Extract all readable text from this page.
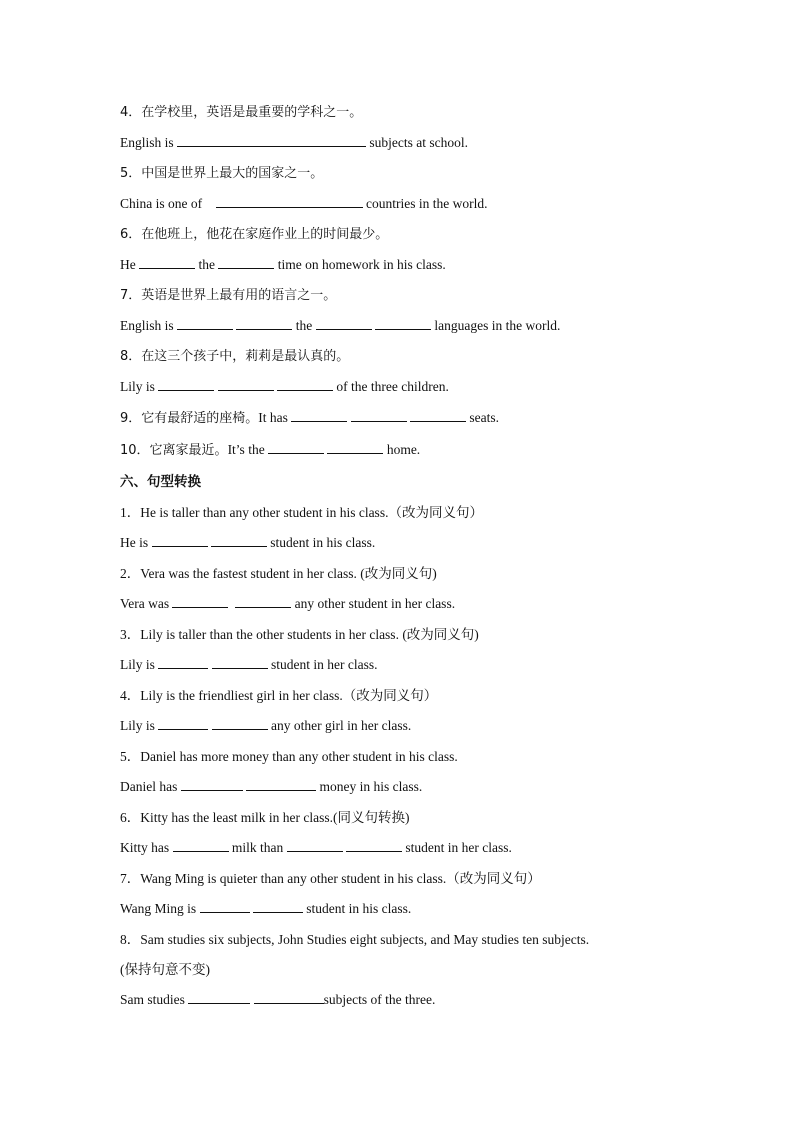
4．在学校里，英语是最重要的学科之一。
English is	subjects at school.
5．中国是世界上最大的国家之一。
China is one of	countries in the world.
6．在他班上，他花在家庭作业上的时间最少。
He	the	time on homework in his class.
7．英语是世界上最有用的语言之一。
English is	the	languages in the world.
8．在这三个孩子中，莉莉是最认真的。
Lily is	of the three children.
9．它有最舒适的座椅。It has	seats.
10．它离家最近。It’s the	home.
六、句型转换
1．He is taller than any other student in his class.（改为同义句）
He is	student in his class.
2．Vera was the fastest student in her class. (改为同义句)
Vera was	any other student in her class.
3．Lily is taller than the other students in her class. (改为同义句)
Lily is	student in her class.
4．Lily is the friendliest girl in her class.（改为同义句）
Lily is	any other girl in her class.
5．Daniel has more money than any other student in his class.
Daniel has	money in his class.
6．Kitty has the least milk in her class.(同义句转换)
Kitty has	milk than	student in her class.
7．Wang Ming is quieter than any other student in his class.（改为同义句）
Wang Ming is	student in his class.
8．Sam studies six subjects, John Studies eight subjects, and May studies ten subjects.
(保持句意不变)
Sam studies	subjects of the three.
